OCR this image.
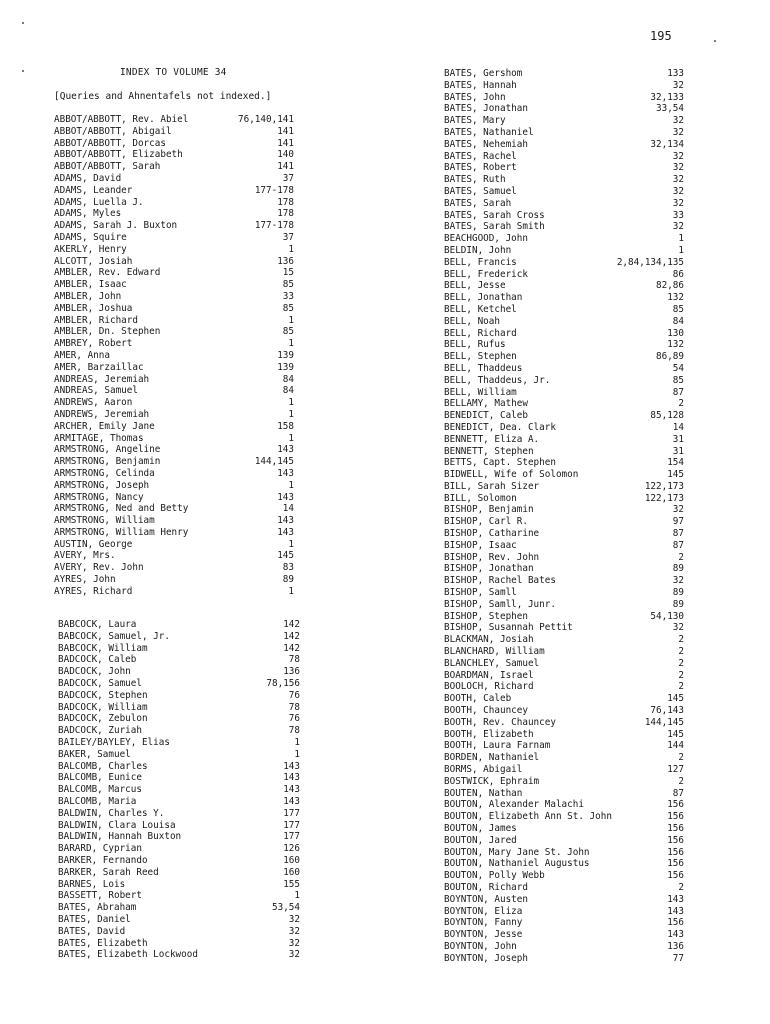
195
INDEX TO VOLUME 34
[Queries and Ahnentafels not indexed.]
ABBOT/ABBOTT, Rev. Abiel	76,140,141
ABBOT/ABBOTT, Abigail	141
ABBOT/ABBOTT, Dorcas	141
ABBOT/ABBOTT, Elizabeth	140
ABBOT/ABBOTT, Sarah	141
ADAMS, David	37
ADAMS, Leander	177-178
ADAMS, Luella J.	178
ADAMS, Myles	178
ADAMS, Sarah J. Buxton	177-178
ADAMS, Squire	37
AKERLY, Henry	1
ALCOTT, Josiah	136
AMBLER, Rev. Edward	15
AMBLER, Isaac	85
AMBLER, John	33
AMBLER, Joshua	85
AMBLER, Richard	1
AMBLER, Dn. Stephen	85
AMBREY, Robert	1
AMER, Anna	139
AMER, Barzaillac	139
ANDREAS, Jeremiah	84
ANDREAS, Samuel	84
ANDREWS, Aaron	1
ANDREWS, Jeremiah	1
ARCHER, Emily Jane	158
ARMITAGE, Thomas	1
ARMSTRONG, Angeline	143
ARMSTRONG, Benjamin	144,145
ARMSTRONG, Celinda	143
ARMSTRONG, Joseph	1
ARMSTRONG, Nancy	143
ARMSTRONG, Ned and Betty	14
ARMSTRONG, William	143
ARMSTRONG, William Henry	143
AUSTIN, George	1
AVERY, Mrs.	145
AVERY, Rev. John	83
AYRES, John	89
AYRES, Richard	1
BABCOCK, Laura	142
BABCOCK, Samuel, Jr.	142
BABCOCK, William	142
BADCOCK, Caleb	78
BADCOCK, John	136
BADCOCK, Samuel	78,156
BADCOCK, Stephen	76
BADCOCK, William	78
BADCOCK, Zebulon	76
BADCOCK, Zuriah	78
BAILEY/BAYLEY, Elias	1
BAKER, Samuel	1
BALCOMB, Charles	143
BALCOMB, Eunice	143
BALCOMB, Marcus	143
BALCOMB, Maria	143
BALDWIN, Charles Y.	177
BALDWIN, Clara Louisa	177
BALDWIN, Hannah Buxton	177
BARARD, Cyprian	126
BARKER, Fernando	160
BARKER, Sarah Reed	160
BARNES, Lois	155
BASSETT, Robert	1
BATES, Abraham	53,54
BATES, Daniel	32
BATES, David	32
BATES, Elizabeth	32
BATES, Elizabeth Lockwood	32
BATES, Gershom	133
BATES, Hannah	32
BATES, John	32,133
BATES, Jonathan	33,54
BATES, Mary	32
BATES, Nathaniel	32
BATES, Nehemiah	32,134
BATES, Rachel	32
BATES, Robert	32
BATES, Ruth	32
BATES, Samuel	32
BATES, Sarah	32
BATES, Sarah Cross	33
BATES, Sarah Smith	32
BEACHGOOD, John	1
BELDIN, John	1
BELL, Francis	2,84,134,135
BELL, Frederick	86
BELL, Jesse	82,86
BELL, Jonathan	132
BELL, Ketchel	85
BELL, Noah	84
BELL, Richard	130
BELL, Rufus	132
BELL, Stephen	86,89
BELL, Thaddeus	54
BELL, Thaddeus, Jr.	85
BELL, William	87
BELLAMY, Mathew	2
BENEDICT, Caleb	85,128
BENEDICT, Dea. Clark	14
BENNETT, Eliza A.	31
BENNETT, Stephen	31
BETTS, Capt. Stephen	154
BIDWELL, Wife of Solomon	145
BILL, Sarah Sizer	122,173
BILL, Solomon	122,173
BISHOP, Benjamin	32
BISHOP, Carl R.	97
BISHOP, Catharine	87
BISHOP, Isaac	87
BISHOP, Rev. John	2
BISHOP, Jonathan	89
BISHOP, Rachel Bates	32
BISHOP, Samll	89
BISHOP, Samll, Junr.	89
BISHOP, Stephen	54,130
BISHOP, Susannah Pettit	32
BLACKMAN, Josiah	2
BLANCHARD, William	2
BLANCHLEY, Samuel	2
BOARDMAN, Israel	2
BOOLOCH, Richard	2
BOOTH, Caleb	145
BOOTH, Chauncey	76,143
BOOTH, Rev. Chauncey	144,145
BOOTH, Elizabeth	145
BOOTH, Laura Farnam	144
BORDEN, Nathaniel	2
BORMS, Abigail	127
BOSTWICK, Ephraim	2
BOUTEN, Nathan	87
BOUTON, Alexander Malachi	156
BOUTON, Elizabeth Ann St. John	156
BOUTON, James	156
BOUTON, Jared	156
BOUTON, Mary Jane St. John	156
BOUTON, Nathaniel Augustus	156
BOUTON, Polly Webb	156
BOUTON, Richard	2
BOYNTON, Austen	143
BOYNTON, Eliza	143
BOYNTON, Fanny	156
BOYNTON, Jesse	143
BOYNTON, John	136
BOYNTON, Joseph	77
